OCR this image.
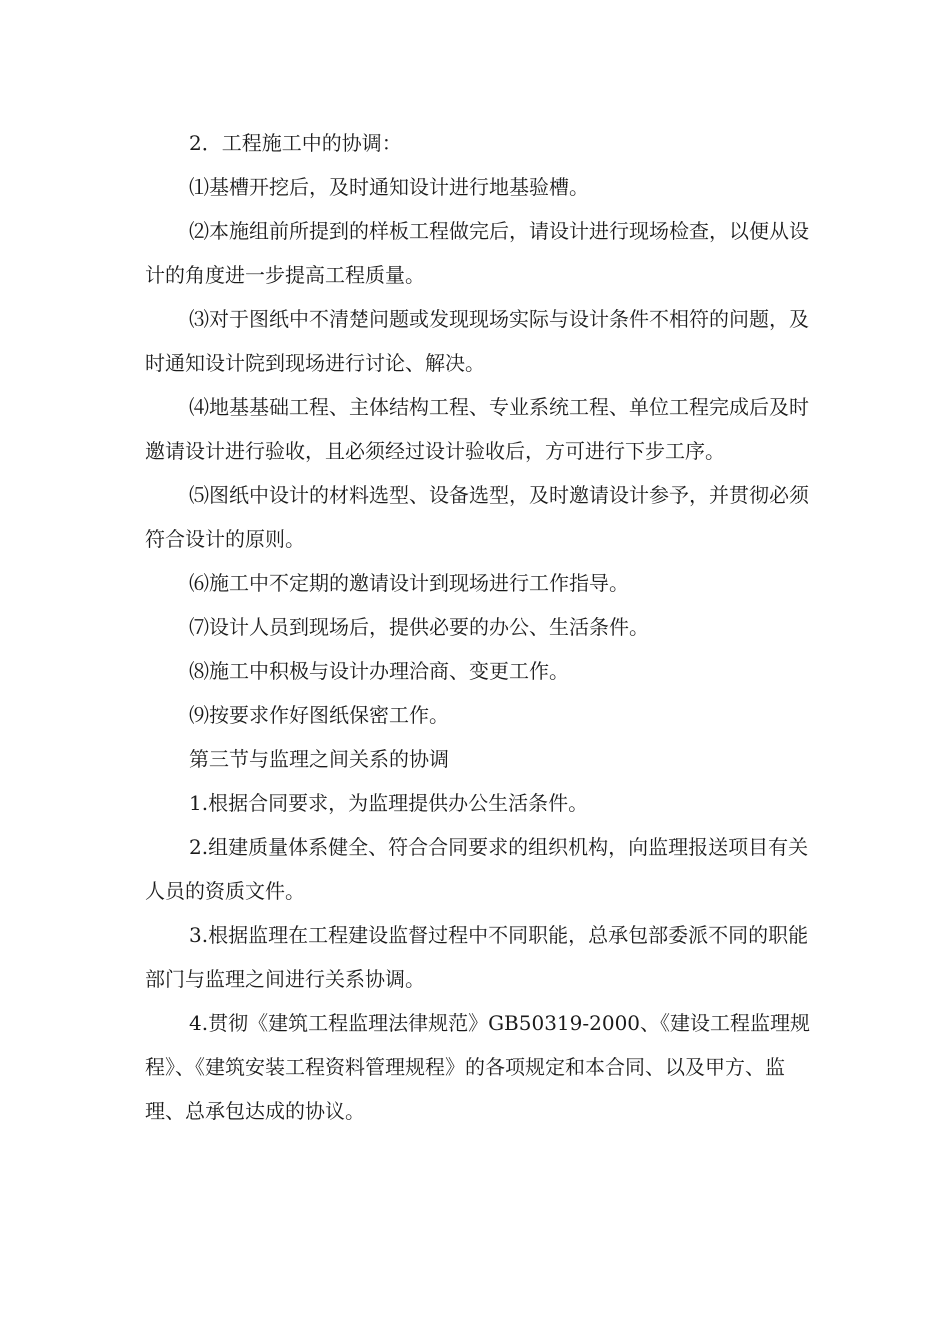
2．工程施工中的协调：

⑴基槽开挖后，及时通知设计进行地基验槽。

⑵本施组前所提到的样板工程做完后，请设计进行现场检查，以便从设计的角度进一步提高工程质量。

⑶对于图纸中不清楚问题或发现现场实际与设计条件不相符的问题，及时通知设计院到现场进行讨论、解决。

⑷地基基础工程、主体结构工程、专业系统工程、单位工程完成后及时邀请设计进行验收，且必须经过设计验收后，方可进行下步工序。

⑸图纸中设计的材料选型、设备选型，及时邀请设计参予，并贯彻必须符合设计的原则。

⑹施工中不定期的邀请设计到现场进行工作指导。

⑺设计人员到现场后，提供必要的办公、生活条件。

⑻施工中积极与设计办理洽商、变更工作。

⑼按要求作好图纸保密工作。

第三节与监理之间关系的协调

1.根据合同要求，为监理提供办公生活条件。

2.组建质量体系健全、符合合同要求的组织机构，向监理报送项目有关人员的资质文件。

3.根据监理在工程建设监督过程中不同职能，总承包部委派不同的职能部门与监理之间进行关系协调。

4.贯彻《建筑工程监理法律规范》GB50319-2000、《建设工程监理规程》、《建筑安装工程资料管理规程》的各项规定和本合同、以及甲方、监理、总承包达成的协议。
